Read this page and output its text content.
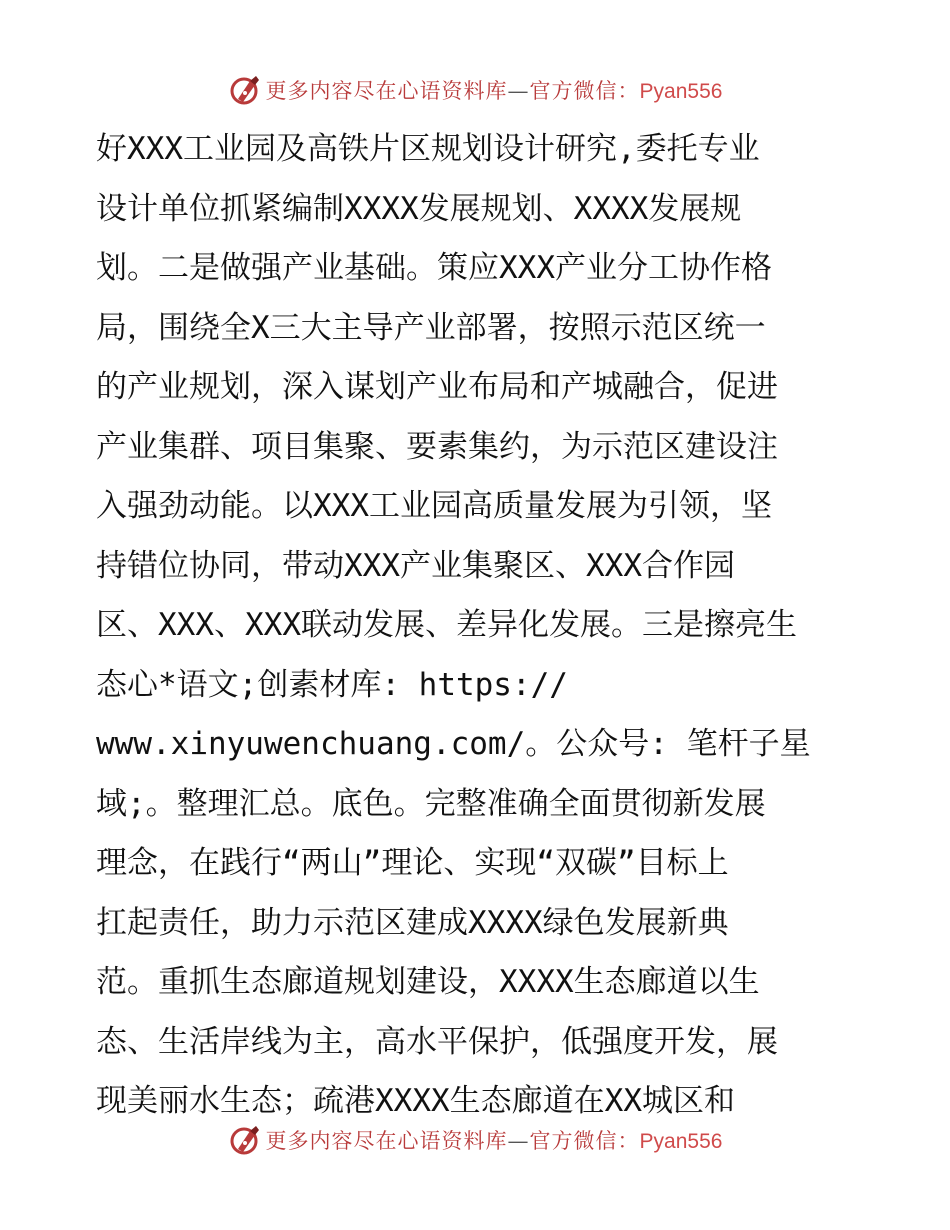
更多内容尽在心语资料库—官方微信：Pyan556
好XXX工业园及高铁片区规划设计研究,委托专业
设计单位抓紧编制XXXX发展规划、XXXX发展规
划。二是做强产业基础。策应XXX产业分工协作格
局，围绕全X三大主导产业部署，按照示范区统一
的产业规划，深入谋划产业布局和产城融合，促进
产业集群、项目集聚、要素集约，为示范区建设注
入强劲动能。以XXX工业园高质量发展为引领，坚
持错位协同，带动XXX产业集聚区、XXX合作园
区、XXX、XXX联动发展、差异化发展。三是擦亮生
态心*语文;创素材库: https://
www.xinyuwenchuang.com/。公众号: 笔杆子星
域;。整理汇总。底色。完整准确全面贯彻新发展
理念，在践行“两山”理论、实现“双碳”目标上
扛起责任，助力示范区建成XXXX绿色发展新典
范。重抓生态廊道规划建设，XXXX生态廊道以生
态、生活岸线为主，高水平保护，低强度开发，展
现美丽水生态；疏港XXXX生态廊道在XX城区和
更多内容尽在心语资料库—官方微信：Pyan556
